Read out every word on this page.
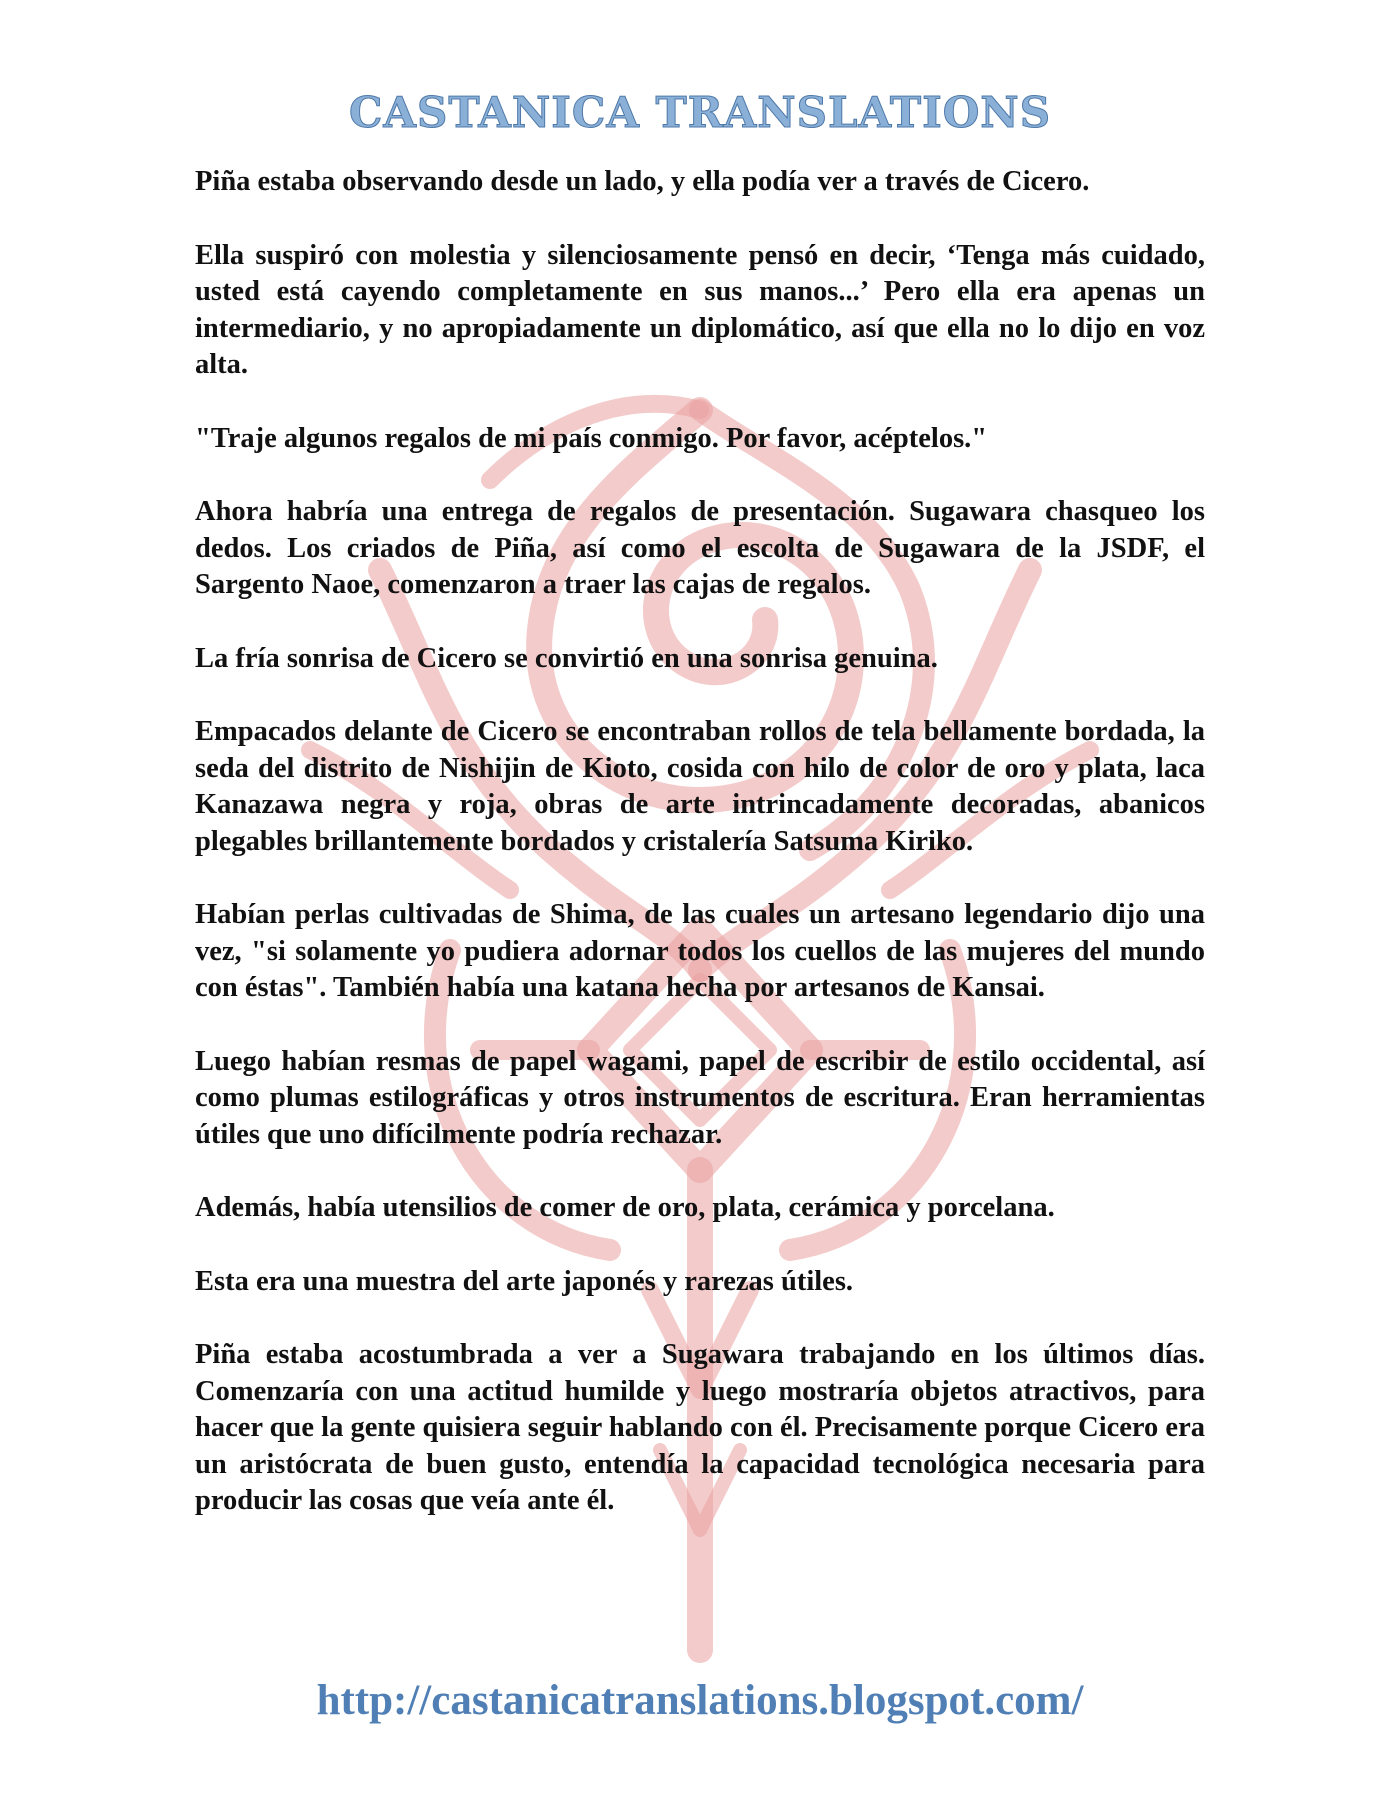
CASTANICA TRANSLATIONS

Piña estaba observando desde un lado, y ella podía ver a través de Cicero.

Ella suspiró con molestia y silenciosamente pensó en decir, ‘Tenga más cuidado, usted está cayendo completamente en sus manos...’ Pero ella era apenas un intermediario, y no apropiadamente un diplomático, así que ella no lo dijo en voz alta.

"Traje algunos regalos de mi país conmigo. Por favor, acéptelos."

Ahora habría una entrega de regalos de presentación. Sugawara chasqueo los dedos. Los criados de Piña, así como el escolta de Sugawara de la JSDF, el Sargento Naoe, comenzaron a traer las cajas de regalos.

La fría sonrisa de Cicero se convirtió en una sonrisa genuina.

Empacados delante de Cicero se encontraban rollos de tela bellamente bordada, la seda del distrito de Nishijin de Kioto, cosida con hilo de color de oro y plata, laca Kanazawa negra y roja, obras de arte intrincadamente decoradas, abanicos plegables brillantemente bordados y cristalería Satsuma Kiriko.

Habían perlas cultivadas de Shima, de las cuales un artesano legendario dijo una vez, "si solamente yo pudiera adornar todos los cuellos de las mujeres del mundo con éstas". También había una katana hecha por artesanos de Kansai.

Luego habían resmas de papel wagami, papel de escribir de estilo occidental, así como plumas estilográficas y otros instrumentos de escritura. Eran herramientas útiles que uno difícilmente podría rechazar.

Además, había utensilios de comer de oro, plata, cerámica y porcelana.

Esta era una muestra del arte japonés y rarezas útiles.

Piña estaba acostumbrada a ver a Sugawara trabajando en los últimos días. Comenzaría con una actitud humilde y luego mostraría objetos atractivos, para hacer que la gente quisiera seguir hablando con él. Precisamente porque Cicero era un aristócrata de buen gusto, entendía la capacidad tecnológica necesaria para producir las cosas que veía ante él.

http://castanicatranslations.blogspot.com/
